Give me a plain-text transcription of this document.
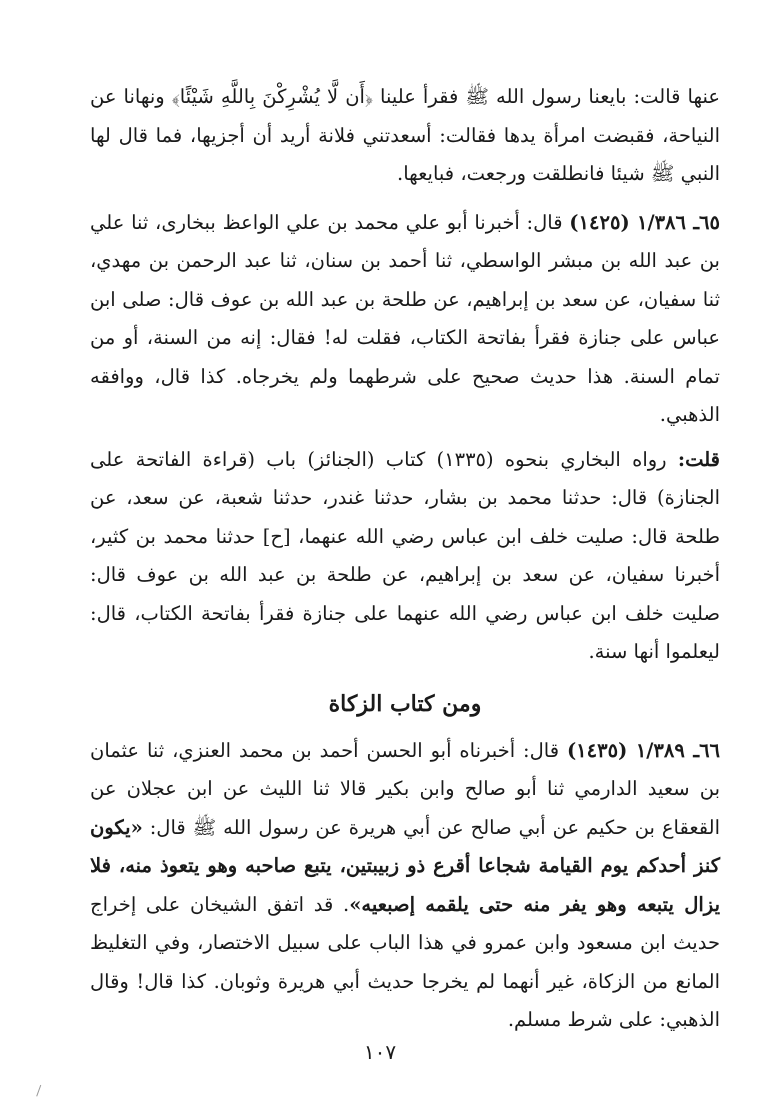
عنها قالت: بايعنا رسول الله ﷺ فقرأ علينا ﴿أَن لَّا يُشْرِكْنَ بِاللَّهِ شَيْئًا﴾ ونهانا عن النياحة، فقبضت امرأة يدها فقالت: أسعدتني فلانة أريد أن أجزيها، فما قال لها النبي ﷺ شيئا فانطلقت ورجعت، فبايعها.

٦٥ـ ١/٣٨٦ (١٤٢٥) قال: أخبرنا أبو علي محمد بن علي الواعظ ببخارى، ثنا علي بن عبد الله بن مبشر الواسطي، ثنا أحمد بن سنان، ثنا عبد الرحمن بن مهدي، ثنا سفيان، عن سعد بن إبراهيم، عن طلحة بن عبد الله بن عوف قال: صلى ابن عباس على جنازة فقرأ بفاتحة الكتاب، فقلت له! فقال: إنه من السنة، أو من تمام السنة. هذا حديث صحيح على شرطهما ولم يخرجاه. كذا قال، ووافقه الذهبي.

قلت: رواه البخاري بنحوه (١٣٣٥) كتاب (الجنائز) باب (قراءة الفاتحة على الجنازة) قال: حدثنا محمد بن بشار، حدثنا غندر، حدثنا شعبة، عن سعد، عن طلحة قال: صليت خلف ابن عباس رضي الله عنهما، [ح] حدثنا محمد بن كثير، أخبرنا سفيان، عن سعد بن إبراهيم، عن طلحة بن عبد الله بن عوف قال: صليت خلف ابن عباس رضي الله عنهما على جنازة فقرأ بفاتحة الكتاب، قال: ليعلموا أنها سنة.

ومن كتاب الزكاة

٦٦ـ ١/٣٨٩ (١٤٣٥) قال: أخبرناه أبو الحسن أحمد بن محمد العنزي، ثنا عثمان بن سعيد الدارمي ثنا أبو صالح وابن بكير قالا ثنا الليث عن ابن عجلان عن القعقاع بن حكيم عن أبي صالح عن أبي هريرة عن رسول الله ﷺ قال: «يكون كنز أحدكم يوم القيامة شجاعا أقرع ذو زبيبتين، يتبع صاحبه وهو يتعوذ منه، فلا يزال يتبعه وهو يفر منه حتى يلقمه إصبعيه». قد اتفق الشيخان على إخراج حديث ابن مسعود وابن عمرو في هذا الباب على سبيل الاختصار، وفي التغليظ المانع من الزكاة، غير أنهما لم يخرجا حديث أبي هريرة وثوبان. كذا قال! وقال الذهبي: على شرط مسلم.

١٠٧
